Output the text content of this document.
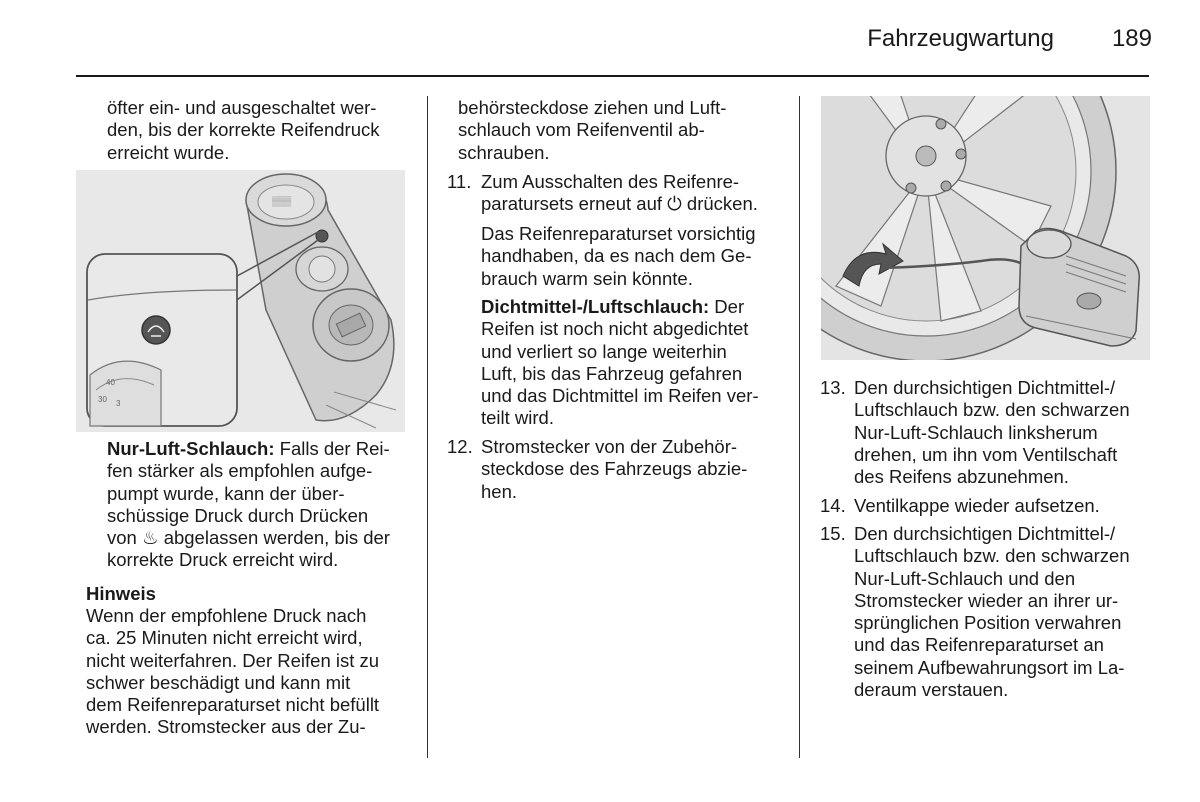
Fahrzeugwartung 189
öfter ein- und ausgeschaltet wer-
den, bis der korrekte Reifendruck
erreicht wurde.
▒▒▒
40
30 3
Nur-Luft-Schlauch: Falls der Rei-
fen stärker als empfohlen aufge-
pumpt wurde, kann der über-
schüssige Druck durch Drücken
von ♨ abgelassen werden, bis der
korrekte Druck erreicht wird.
Hinweis
Wenn der empfohlene Druck nach
ca. 25 Minuten nicht erreicht wird,
nicht weiterfahren. Der Reifen ist zu
schwer beschädigt und kann mit
dem Reifenreparaturset nicht befüllt
werden. Stromstecker aus der Zu-
behörsteckdose ziehen und Luft-
schlauch vom Reifenventil ab-
schrauben.
11. Zum Ausschalten des Reifenre-
paratursets erneut auf ⏻ drücken.
Das Reifenreparaturset vorsichtig
handhaben, da es nach dem Ge-
brauch warm sein könnte.
Dichtmittel-/Luftschlauch: Der
Reifen ist noch nicht abgedichtet
und verliert so lange weiterhin
Luft, bis das Fahrzeug gefahren
und das Dichtmittel im Reifen ver-
teilt wird.
12. Stromstecker von der Zubehör-
steckdose des Fahrzeugs abzie-
hen.
13. Den durchsichtigen Dichtmittel-/
Luftschlauch bzw. den schwarzen
Nur-Luft-Schlauch linksherum
drehen, um ihn vom Ventilschaft
des Reifens abzunehmen.
14. Ventilkappe wieder aufsetzen.
15. Den durchsichtigen Dichtmittel-/
Luftschlauch bzw. den schwarzen
Nur-Luft-Schlauch und den
Stromstecker wieder an ihrer ur-
sprünglichen Position verwahren
und das Reifenreparaturset an
seinem Aufbewahrungsort im La-
deraum verstauen.
